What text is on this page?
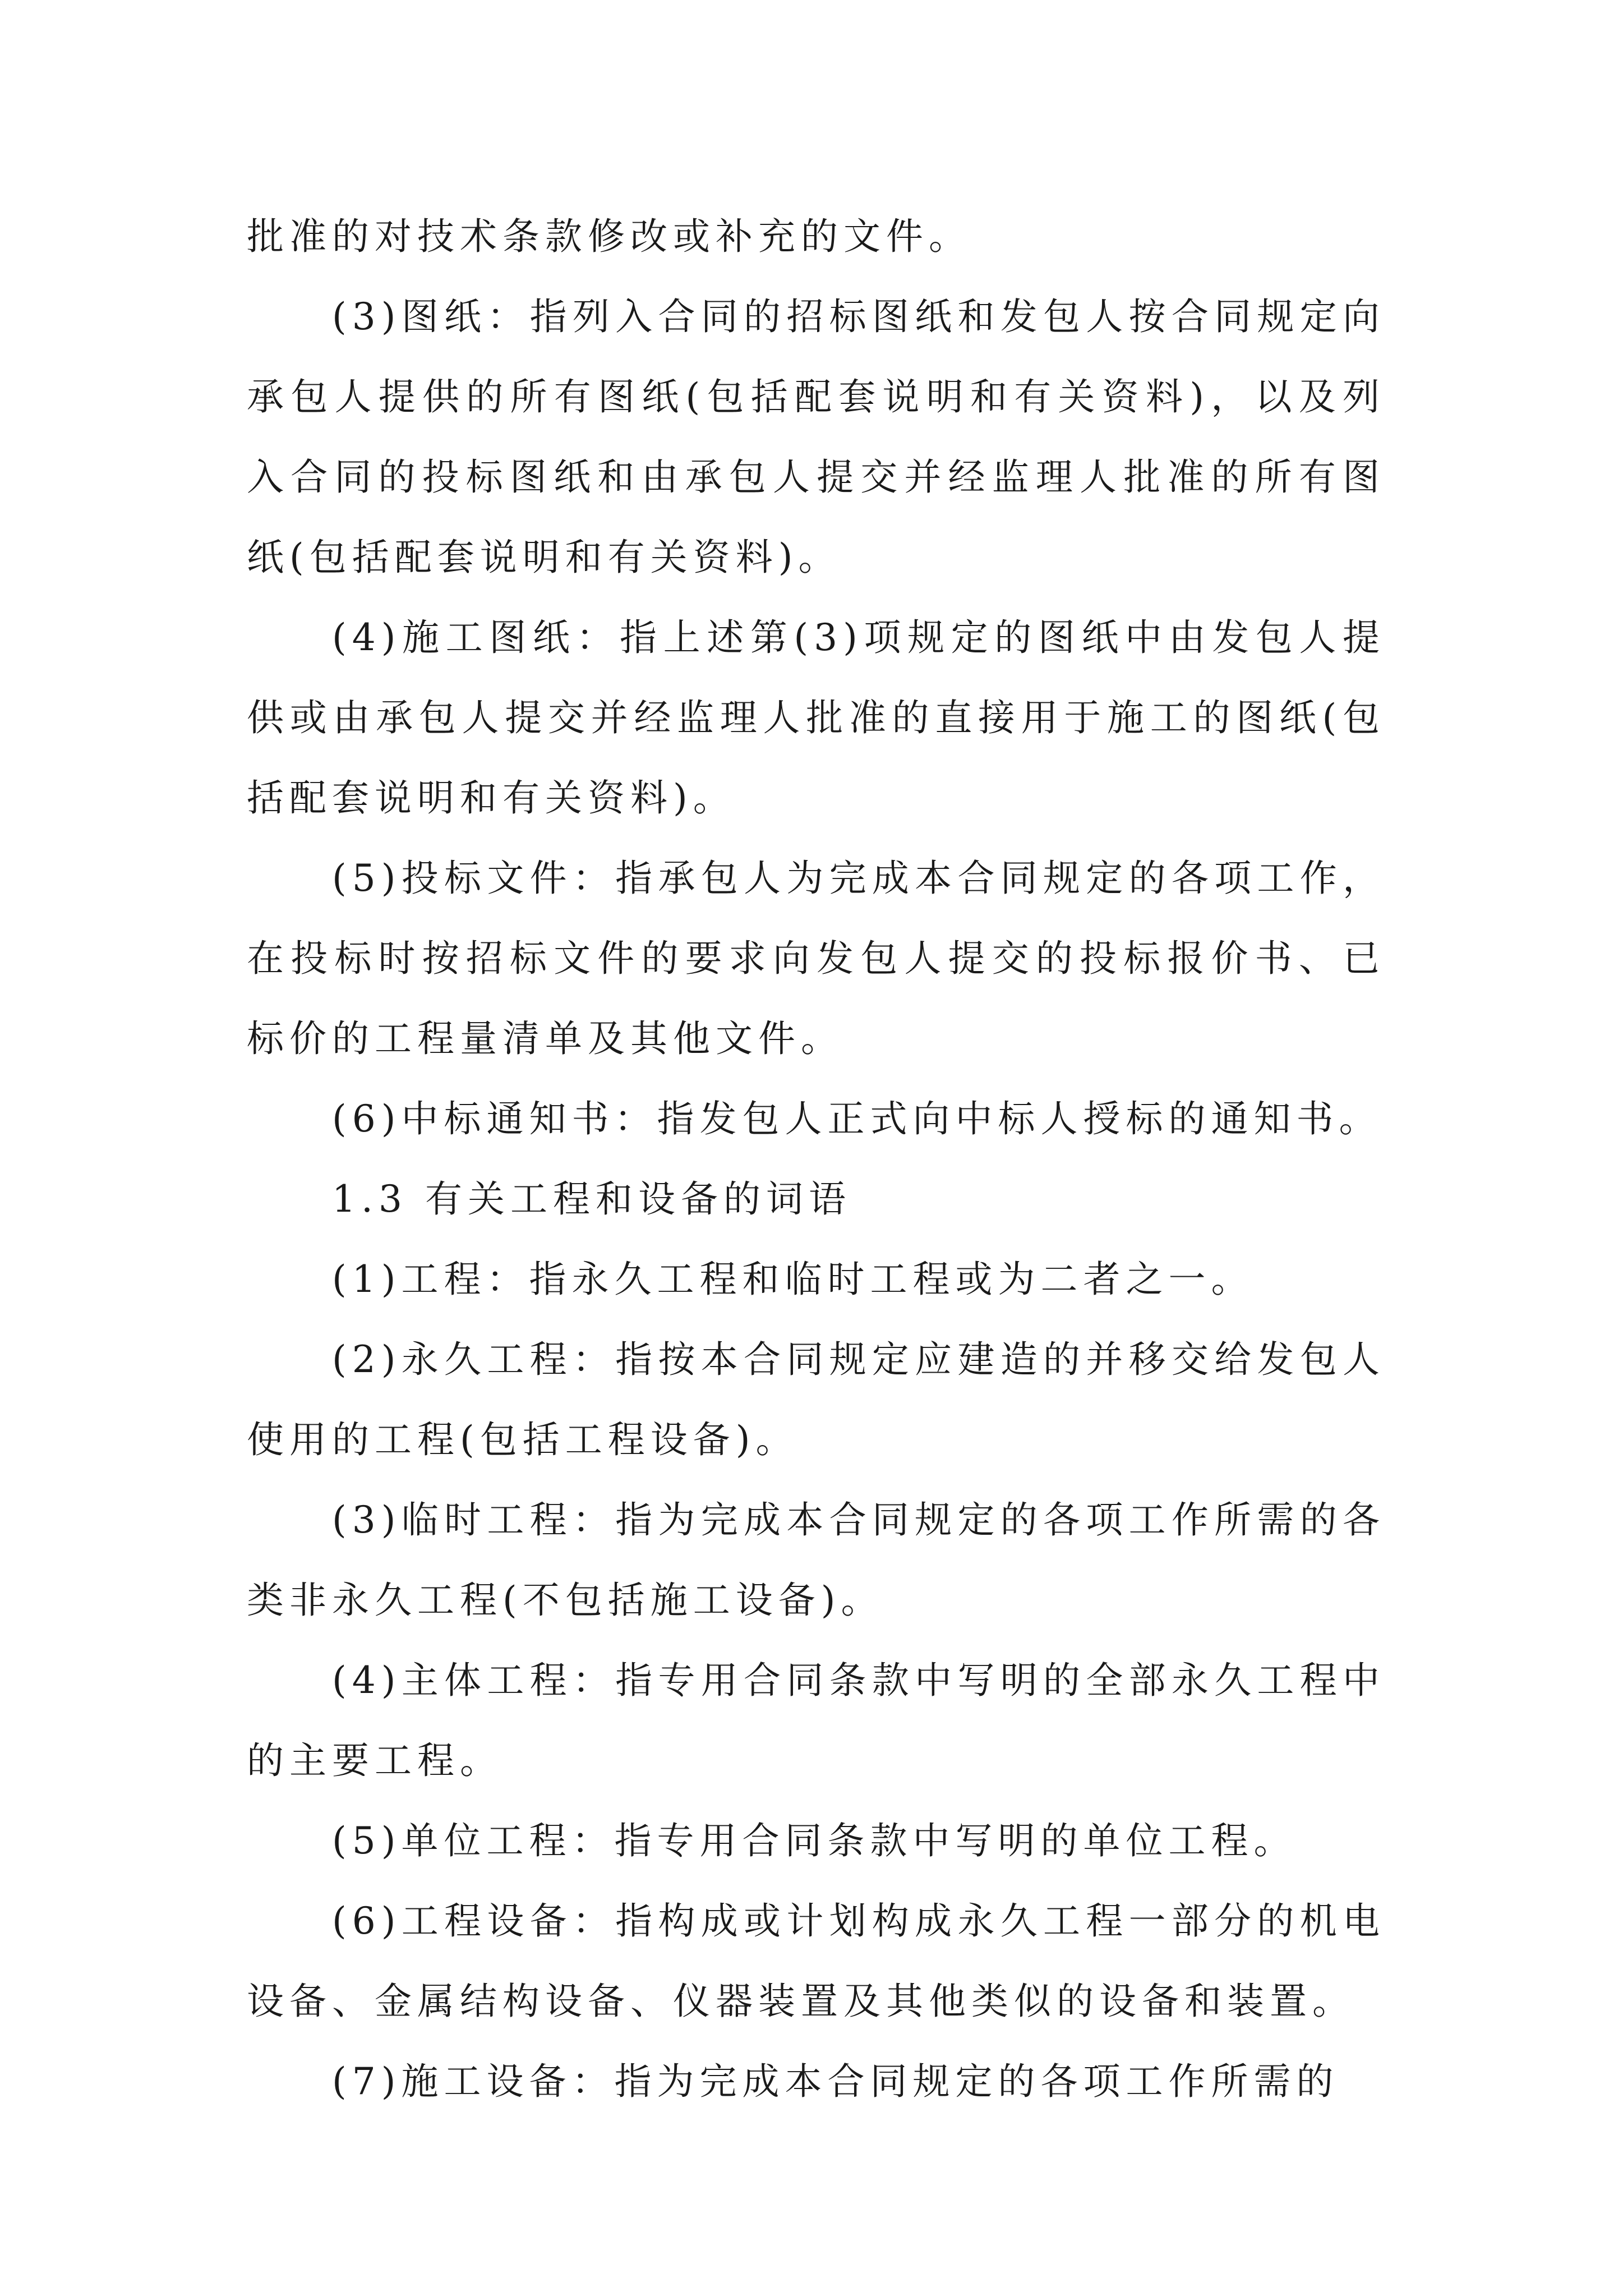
批准的对技术条款修改或补充的文件。

(3)图纸：指列入合同的招标图纸和发包人按合同规定向承包人提供的所有图纸(包括配套说明和有关资料)，以及列入合同的投标图纸和由承包人提交并经监理人批准的所有图纸(包括配套说明和有关资料)。

(4)施工图纸：指上述第(3)项规定的图纸中由发包人提供或由承包人提交并经监理人批准的直接用于施工的图纸(包括配套说明和有关资料)。

(5)投标文件：指承包人为完成本合同规定的各项工作，在投标时按招标文件的要求向发包人提交的投标报价书、已标价的工程量清单及其他文件。

(6)中标通知书：指发包人正式向中标人授标的通知书。

1.3 有关工程和设备的词语

(1)工程：指永久工程和临时工程或为二者之一。

(2)永久工程：指按本合同规定应建造的并移交给发包人使用的工程(包括工程设备)。

(3)临时工程：指为完成本合同规定的各项工作所需的各类非永久工程(不包括施工设备)。

(4)主体工程：指专用合同条款中写明的全部永久工程中的主要工程。

(5)单位工程：指专用合同条款中写明的单位工程。

(6)工程设备：指构成或计划构成永久工程一部分的机电设备、金属结构设备、仪器装置及其他类似的设备和装置。

(7)施工设备：指为完成本合同规定的各项工作所需的
